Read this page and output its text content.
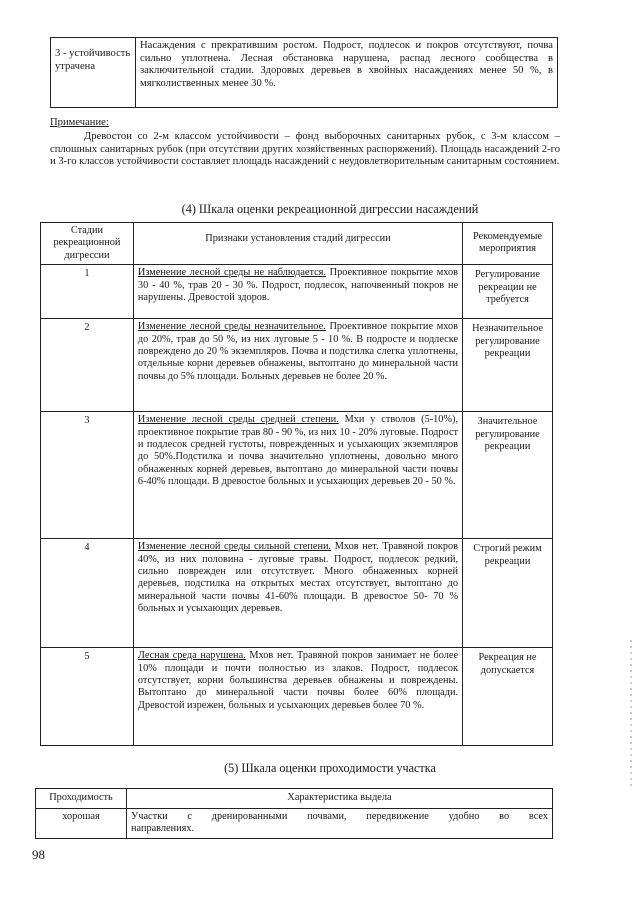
3 - устойчивость утрачена	Насаждения с прекратившим ростом. Подрост, подлесок и покров отсутствуют, почва сильно уплотнена. Лесная обстановка нарушена, распад лесного сообщества в заключительной стадии. Здоровых деревьев в хвойных насаждениях менее 50 %, в мягколиственных менее 30 %.
Примечание:
Древостои со 2-м классом устойчивости – фонд выборочных санитарных рубок, с 3-м классом – сплошных санитарных рубок (при отсутствии других хозяйственных распоряжений). Площадь насаждений 2-го и 3-го классов устойчивости составляет площадь насаждений с неудовлетворительным санитарным состоянием.
(4) Шкала оценки рекреационной дигрессии насаждений
Стадии рекреационной дигрессии	Признаки установления стадий дигрессии	Рекомендуемые мероприятия
1	Изменение лесной среды не наблюдается. Проективное покрытие мхов 30 - 40 %, трав 20 - 30 %. Подрост, подлесок, напочвенный покров не нарушены. Древостой здоров.	Регулирование рекреации не требуется
2	Изменение лесной среды незначительное. Проективное покрытие мхов до 20%, трав до 50 %, из них луговые 5 - 10 %. В подросте и подлеске повреждено до 20 % экземпляров. Почва и подстилка слегка уплотнены, отдельные корни деревьев обнажены, вытоптано до минеральной части почвы до 5% площади. Больных деревьев не более 20 %.	Незначительное регулирование рекреации
3	Изменение лесной среды средней степени. Мхи у стволов (5-10%), проективное покрытие трав 80 - 90 %, из них 10 - 20% луговые. Подрост и подлесок средней густоты, поврежденных и усыхающих экземпляров до 50%.Подстилка и почва значительно уплотнены, довольно много обнаженных корней деревьев, вытоптано до минеральной части почвы 6-40% площади. В древостое больных и усыхающих деревьев 20 - 50 %.	Значительное регулирование рекреации
4	Изменение лесной среды сильной степени. Мхов нет. Травяной покров 40%, из них половина - луговые травы. Подрост, подлесок редкий, сильно поврежден или отсутствует. Много обнаженных корней деревьев, подстилка на открытых местах отсутствует, вытоптано до минеральной части почвы 41-60% площади. В древостое 50- 70 % больных и усыхающих деревьев.	Строгий режим рекреации
5	Лесная среда нарушена. Мхов нет. Травяной покров занимает не более 10% площади и почти полностью из злаков. Подрост, подлесок отсутствует, корни большинства деревьев обнажены и повреждены. Вытоптано до минеральной части почвы более 60% площади. Древостой изрежен, больных и усыхающих деревьев более 70 %.	Рекреация не допускается
(5) Шкала оценки проходимости участка
Проходимость	Характеристика выдела
хорошая	Участки с дренированными почвами, передвижение удобно во всех
направлениях.
98
